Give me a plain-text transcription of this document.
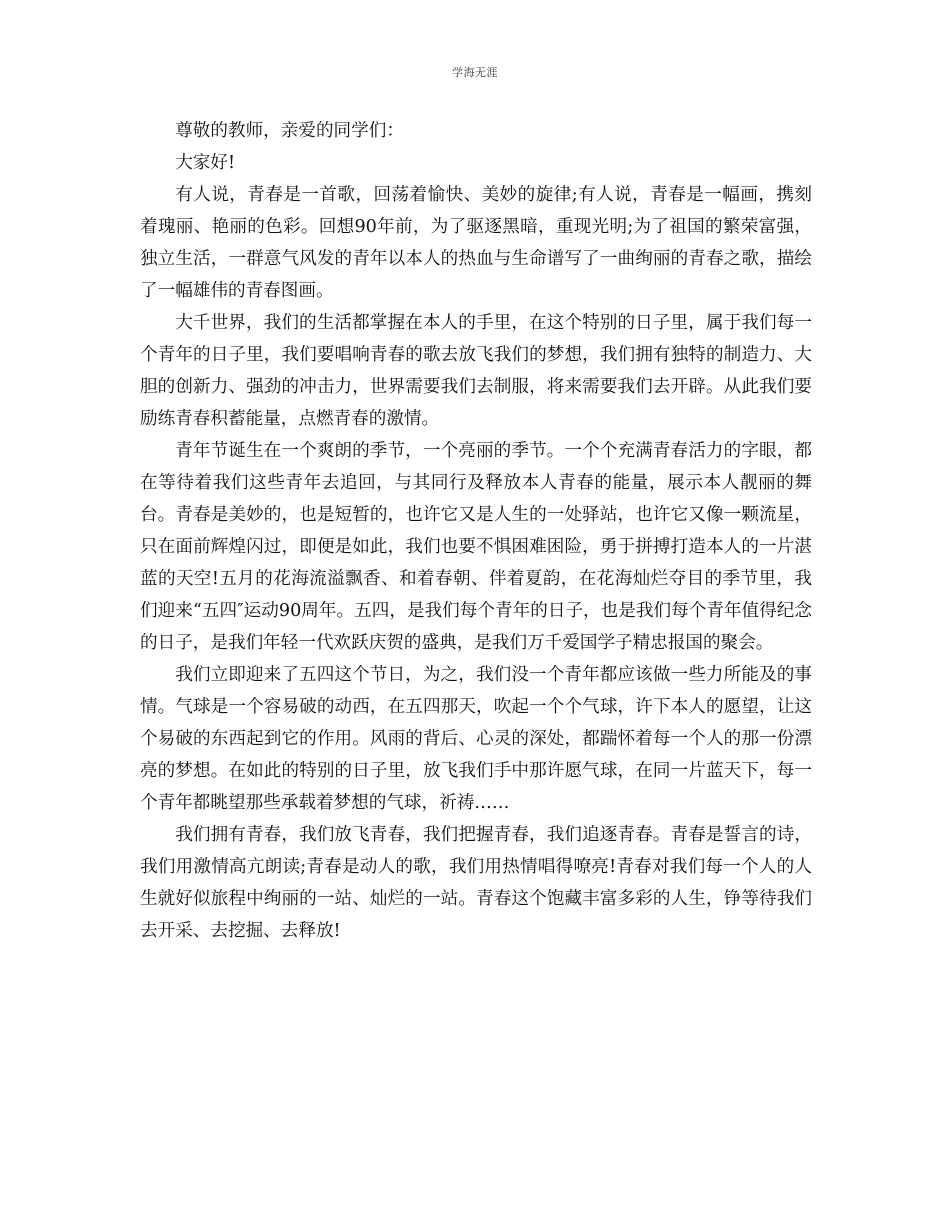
学海无涯

尊敬的教师，亲爱的同学们：

大家好!

有人说，青春是一首歌，回荡着愉快、美妙的旋律;有人说，青春是一幅画，携刻着瑰丽、艳丽的色彩。回想90年前，为了驱逐黑暗，重现光明;为了祖国的繁荣富强，独立生活，一群意气风发的青年以本人的热血与生命谱写了一曲绚丽的青春之歌，描绘了一幅雄伟的青春图画。

大千世界，我们的生活都掌握在本人的手里，在这个特别的日子里，属于我们每一个青年的日子里，我们要唱响青春的歌去放飞我们的梦想，我们拥有独特的制造力、大胆的创新力、强劲的冲击力，世界需要我们去制服，将来需要我们去开辟。从此我们要励练青春积蓄能量，点燃青春的激情。

青年节诞生在一个爽朗的季节，一个亮丽的季节。一个个充满青春活力的字眼，都在等待着我们这些青年去追回，与其同行及释放本人青春的能量，展示本人靓丽的舞台。青春是美妙的，也是短暂的，也许它又是人生的一处驿站，也许它又像一颗流星，只在面前辉煌闪过，即便是如此，我们也要不惧困难困险，勇于拼搏打造本人的一片湛蓝的天空!五月的花海流溢飘香、和着春朝、伴着夏韵，在花海灿烂夺目的季节里，我们迎来“五四″运动90周年。五四，是我们每个青年的日子，也是我们每个青年值得纪念的日子，是我们年轻一代欢跃庆贺的盛典，是我们万千爱国学子精忠报国的聚会。

我们立即迎来了五四这个节日，为之，我们没一个青年都应该做一些力所能及的事情。气球是一个容易破的动西，在五四那天，吹起一个个气球，许下本人的愿望，让这个易破的东西起到它的作用。风雨的背后、心灵的深处，都踹怀着每一个人的那一份漂亮的梦想。在如此的特别的日子里，放飞我们手中那许愿气球，在同一片蓝天下，每一个青年都眺望那些承载着梦想的气球，祈祷……

我们拥有青春，我们放飞青春，我们把握青春，我们追逐青春。青春是誓言的诗，我们用激情高亢朗读;青春是动人的歌，我们用热情唱得嘹亮!青春对我们每一个人的人生就好似旅程中绚丽的一站、灿烂的一站。青春这个饱藏丰富多彩的人生，铮等待我们去开采、去挖掘、去释放!
